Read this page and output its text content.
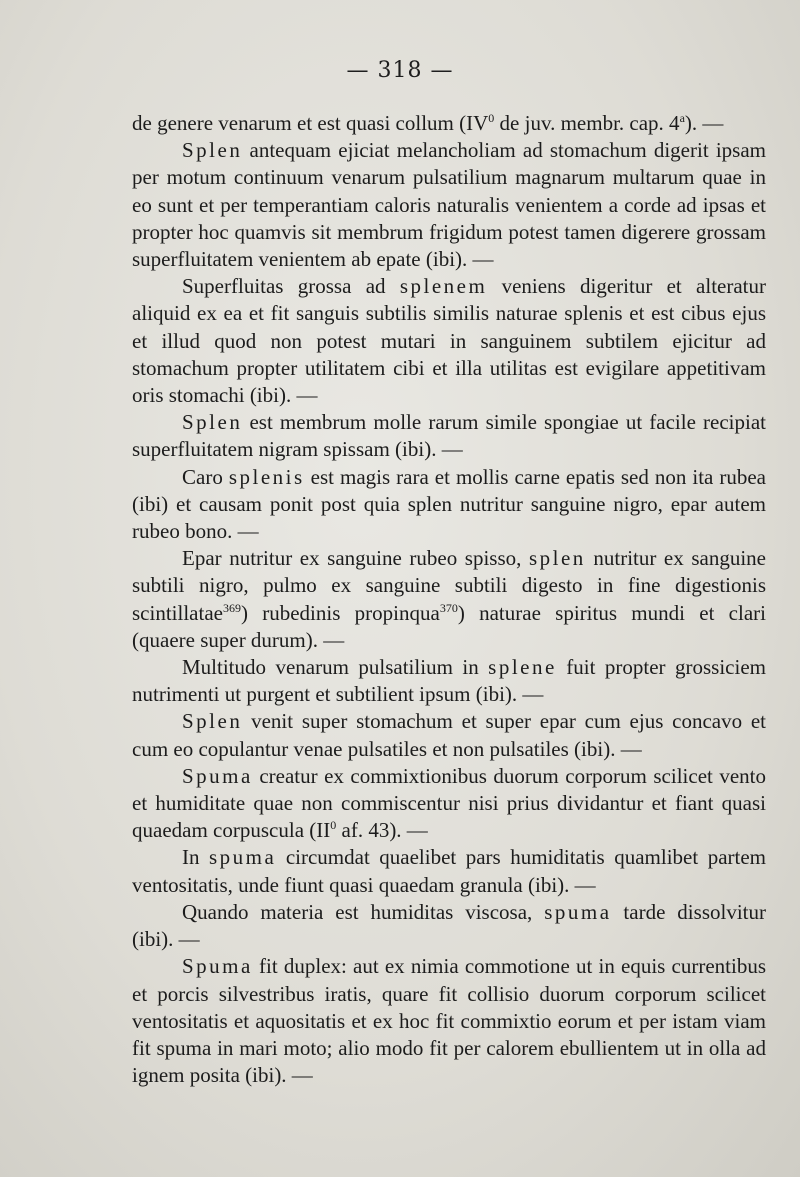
— 318 —

de genere venarum et est quasi collum ($IV^0$ de juv. membr. cap. 4$^a$). —

Splen antequam ejiciat melancholiam ad stomachum digerit ipsam per motum continuum venarum pulsatilium magnarum multarum quae in eo sunt et per temperantiam caloris naturalis venientem a corde ad ipsas et propter hoc quamvis sit membrum frigidum potest tamen digerere grossam superfluitatem venientem ab epate (ibi). —

Superfluitas grossa ad splenem veniens digeritur et alteratur aliquid ex ea et fit sanguis subtilis similis naturae splenis et est cibus ejus et illud quod non potest mutari in sanguinem subtilem ejicitur ad stomachum propter utilitatem cibi et illa utilitas est evigilare appetitivam oris stomachi (ibi). —

Splen est membrum molle rarum simile spongiae ut facile recipiat superfluitatem nigram spissam (ibi). —

Caro splenis est magis rara et mollis carne epatis sed non ita rubea (ibi) et causam ponit post quia splen nutritur sanguine nigro, epar autem rubeo bono. —

Epar nutritur ex sanguine rubeo spisso, splen nutritur ex sanguine subtili nigro, pulmo ex sanguine subtili digesto in fine digestionis scintillatae$^{369}$) rubedinis propinqua$^{370}$) naturae spiritus mundi et clari (quaere super durum). —

Multitudo venarum pulsatilium in splene fuit propter grossiciem nutrimenti ut purgent et subtilient ipsum (ibi). —

Splen venit super stomachum et super epar cum ejus concavo et cum eo copulantur venae pulsatiles et non pulsatiles (ibi). —

Spuma creatur ex commixtionibus duorum corporum scilicet vento et humiditate quae non commiscentur nisi prius dividantur et fiant quasi quaedam corpuscula ($II^0$ af. 43). —

In spuma circumdat quaelibet pars humiditatis quamlibet partem ventositatis, unde fiunt quasi quaedam granula (ibi). —

Quando materia est humiditas viscosa, spuma tarde dissolvitur (ibi). —

Spuma fit duplex: aut ex nimia commotione ut in equis currentibus et porcis silvestribus iratis, quare fit collisio duorum corporum scilicet ventositatis et aquositatis et ex hoc fit commixtio eorum et per istam viam fit spuma in mari moto; alio modo fit per calorem ebullientem ut in olla ad ignem posita (ibi). —
